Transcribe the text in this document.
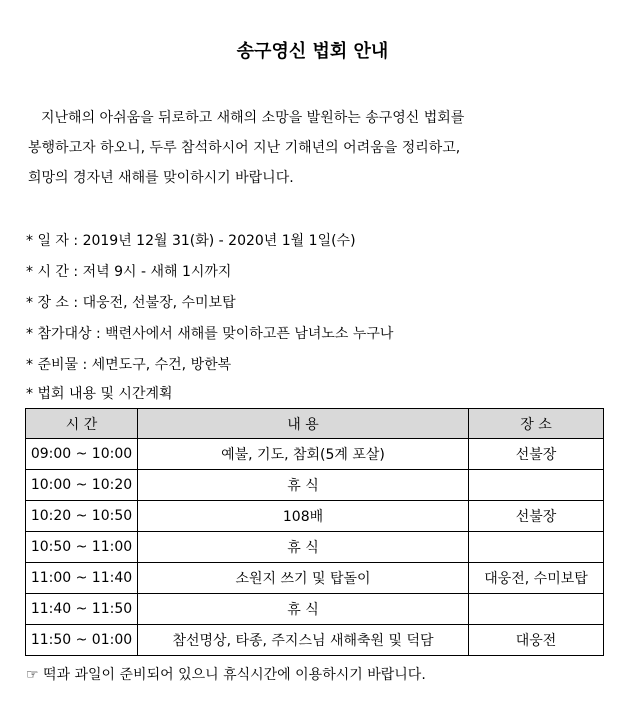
송구영신 법회 안내
지난해의 아쉬움을 뒤로하고 새해의 소망을 발원하는 송구영신 법회를
봉행하고자 하오니, 두루 참석하시어 지난 기해년의 어려움을 정리하고,
희망의 경자년 새해를 맞이하시기 바랍니다.
* 일 자 : 2019년 12월 31(화) - 2020년 1월 1일(수)
* 시 간 : 저녁 9시 - 새해 1시까지
* 장 소 : 대웅전, 선불장, 수미보탑
* 참가대상 : 백련사에서 새해를 맞이하고픈 남녀노소 누구나
* 준비물 : 세면도구, 수건, 방한복
* 법회 내용 및 시간계획
시 간	내 용	장 소
09:00 ~ 10:00	예불, 기도, 참회(5계 포살)	선불장
10:00 ~ 10:20	휴 식	
10:20 ~ 10:50	108배	선불장
10:50 ~ 11:00	휴 식	
11:00 ~ 11:40	소원지 쓰기 및 탑돌이	대웅전, 수미보탑
11:40 ~ 11:50	휴 식	
11:50 ~ 01:00	참선명상, 타종, 주지스님 새해축원 및 덕담	대웅전
☞ 떡과 과일이 준비되어 있으니 휴식시간에 이용하시기 바랍니다.
